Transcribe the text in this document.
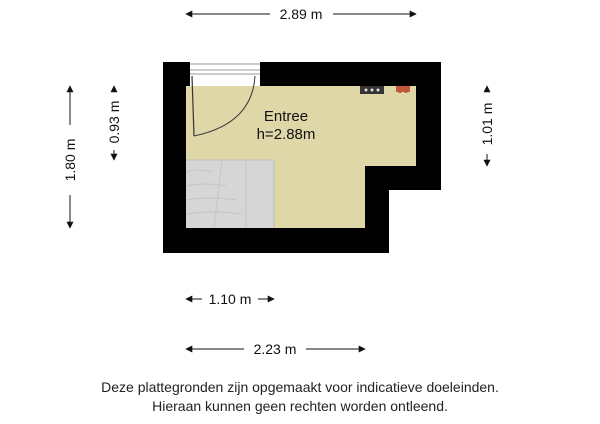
Entree
h=2.88m
2.89 m
1.80 m
0.93 m	1.01 m
1.10 m
2.23 m
Deze plattegronden zijn opgemaakt voor indicatieve doeleinden.
Hieraan kunnen geen rechten worden ontleend.
